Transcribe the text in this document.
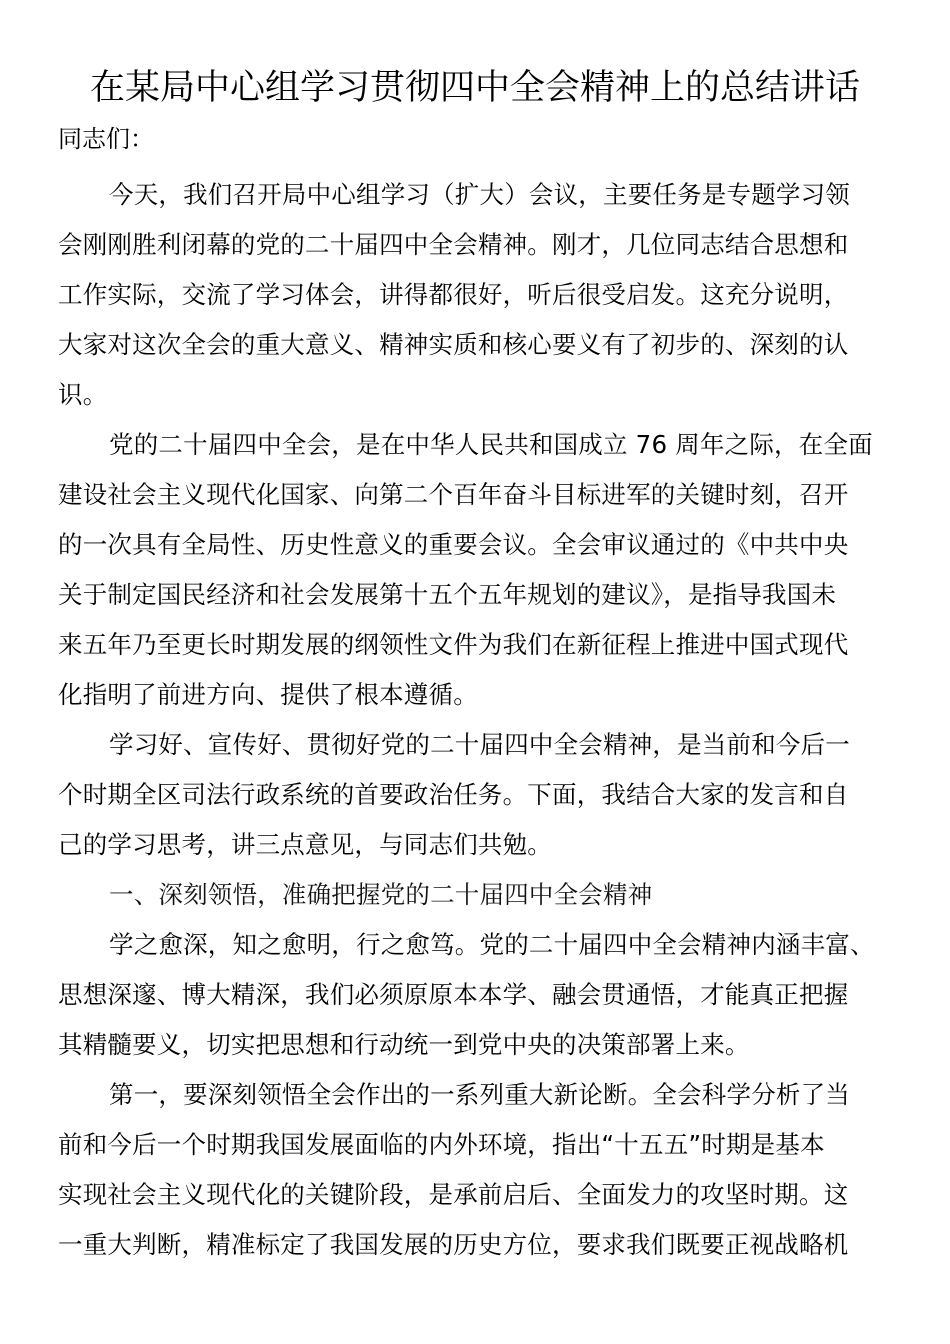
在某局中心组学习贯彻四中全会精神上的总结讲话
同志们：
今天，我们召开局中心组学习（扩大）会议，主要任务是专题学习领
会刚刚胜利闭幕的党的二十届四中全会精神。刚才，几位同志结合思想和
工作实际，交流了学习体会，讲得都很好，听后很受启发。这充分说明，
大家对这次全会的重大意义、精神实质和核心要义有了初步的、深刻的认
识。
党的二十届四中全会，是在中华人民共和国成立 76 周年之际，在全面
建设社会主义现代化国家、向第二个百年奋斗目标进军的关键时刻，召开
的一次具有全局性、历史性意义的重要会议。全会审议通过的《中共中央
关于制定国民经济和社会发展第十五个五年规划的建议》，是指导我国未
来五年乃至更长时期发展的纲领性文件为我们在新征程上推进中国式现代
化指明了前进方向、提供了根本遵循。
学习好、宣传好、贯彻好党的二十届四中全会精神，是当前和今后一
个时期全区司法行政系统的首要政治任务。下面，我结合大家的发言和自
己的学习思考，讲三点意见，与同志们共勉。
一、深刻领悟，准确把握党的二十届四中全会精神
学之愈深，知之愈明，行之愈笃。党的二十届四中全会精神内涵丰富、
思想深邃、博大精深，我们必须原原本本学、融会贯通悟，才能真正把握
其精髓要义，切实把思想和行动统一到党中央的决策部署上来。
第一，要深刻领悟全会作出的一系列重大新论断。全会科学分析了当
前和今后一个时期我国发展面临的内外环境，指出“十五五”时期是基本
实现社会主义现代化的关键阶段，是承前启后、全面发力的攻坚时期。这
一重大判断，精准标定了我国发展的历史方位，要求我们既要正视战略机
